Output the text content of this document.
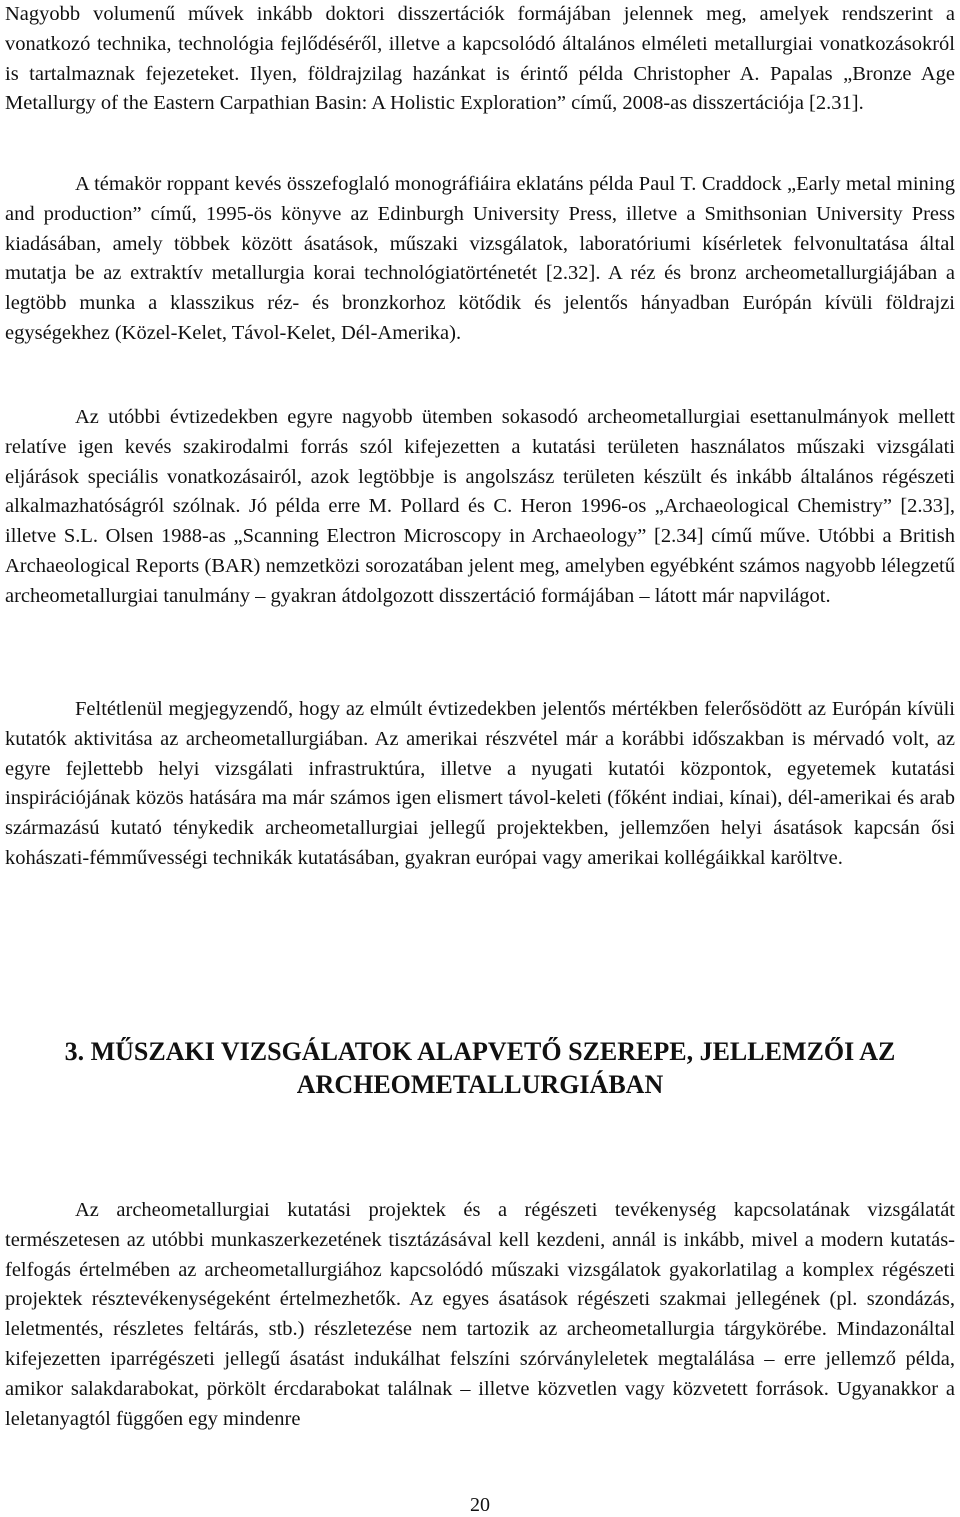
Nagyobb volumenű művek inkább doktori disszertációk formájában jelennek meg, amelyek rendszerint a vonatkozó technika, technológia fejlődéséről, illetve a kapcsolódó általános elméleti metallurgiai vonatkozásokról is tartalmaznak fejezeteket. Ilyen, földrajzilag hazánkat is érintő példa Christopher A. Papalas „Bronze Age Metallurgy of the Eastern Carpathian Basin: A Holistic Exploration” című, 2008-as disszertációja [2.31].

A témakör roppant kevés összefoglaló monográfiáira eklatáns példa Paul T. Craddock „Early metal mining and production” című, 1995-ös könyve az Edinburgh University Press, illetve a Smithsonian University Press kiadásában, amely többek között ásatások, műszaki vizsgálatok, laboratóriumi kísérletek felvonultatása által mutatja be az extraktív metallurgia korai technológiatörténetét [2.32]. A réz és bronz archeometallurgiájában a legtöbb munka a klasszikus réz- és bronzkorhoz kötődik és jelentős hányadban Európán kívüli földrajzi egységekhez (Közel-Kelet, Távol-Kelet, Dél-Amerika).

Az utóbbi évtizedekben egyre nagyobb ütemben sokasodó archeometallurgiai esettanulmányok mellett relatíve igen kevés szakirodalmi forrás szól kifejezetten a kutatási területen használatos műszaki vizsgálati eljárások speciális vonatkozásairól, azok legtöbbje is angolszász területen készült és inkább általános régészeti alkalmazhatóságról szólnak. Jó példa erre M. Pollard és C. Heron 1996-os „Archaeological Chemistry” [2.33], illetve S.L. Olsen 1988-as „Scanning Electron Microscopy in Archaeology” [2.34] című műve. Utóbbi a British Archaeological Reports (BAR) nemzetközi sorozatában jelent meg, amelyben egyébként számos nagyobb lélegzetű archeometallurgiai tanulmány – gyakran átdolgozott disszertáció formájában – látott már napvilágot.

Feltétlenül megjegyzendő, hogy az elmúlt évtizedekben jelentős mértékben felerősödött az Európán kívüli kutatók aktivitása az archeometallurgiában. Az amerikai részvétel már a korábbi időszakban is mérvadó volt, az egyre fejlettebb helyi vizsgálati infrastruktúra, illetve a nyugati kutatói központok, egyetemek kutatási inspirációjának közös hatására ma már számos igen elismert távol-keleti (főként indiai, kínai), dél-amerikai és arab származású kutató ténykedik archeometallurgiai jellegű projektekben, jellemzően helyi ásatások kapcsán ősi kohászati-fémművességi technikák kutatásában, gyakran európai vagy amerikai kollégáikkal karöltve.

3. MŰSZAKI VIZSGÁLATOK ALAPVETŐ SZEREPE, JELLEMZŐI AZ
ARCHEOMETALLURGIÁBAN

Az archeometallurgiai kutatási projektek és a régészeti tevékenység kapcsolatának vizsgálatát természetesen az utóbbi munkaszerkezetének tisztázásával kell kezdeni, annál is inkább, mivel a modern kutatás-felfogás értelmében az archeometallurgiához kapcsolódó műszaki vizsgálatok gyakorlatilag a komplex régészeti projektek résztevékenységeként értelmezhetők. Az egyes ásatások régészeti szakmai jellegének (pl. szondázás, leletmentés, részletes feltárás, stb.) részletezése nem tartozik az archeometallurgia tárgykörébe. Mindazonáltal kifejezetten iparrégészeti jellegű ásatást indukálhat felszíni szórványleletek megtalálása – erre jellemző példa, amikor salakdarabokat, pörkölt ércdarabokat találnak – illetve közvetlen vagy közvetett források. Ugyanakkor a leletanyagtól függően egy mindenre

20
